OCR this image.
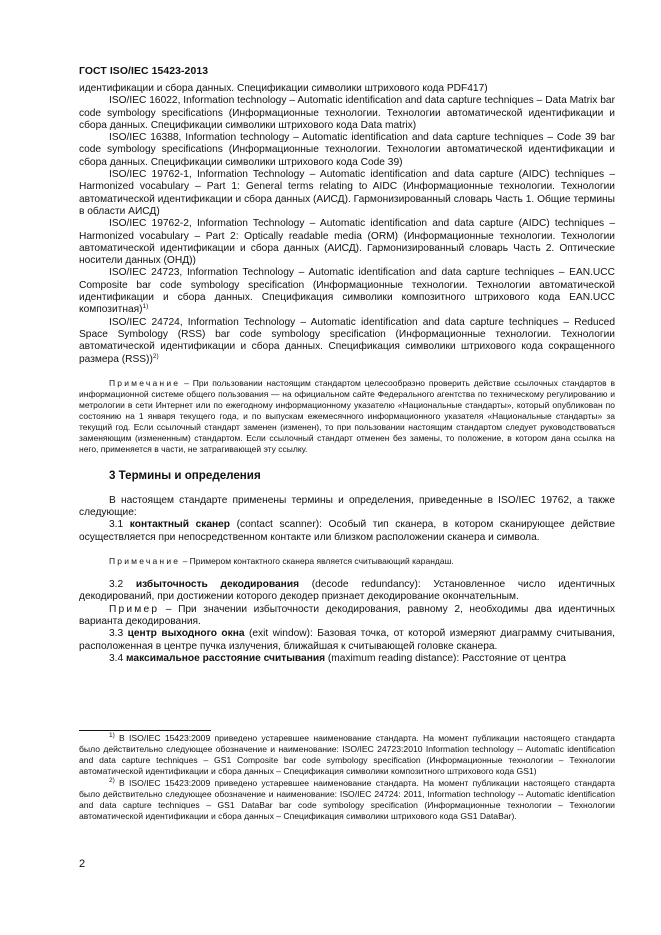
ГОСТ ISO/IEC 15423-2013

идентификации и сбора данных. Спецификации символики штрихового кода PDF417)

ISO/IEC 16022, Information technology – Automatic identification and data capture techniques – Data Matrix bar code symbology specifications (Информационные технологии. Технологии автоматической идентификации и сбора данных. Спецификации символики штрихового кода Data matrix)

ISO/IEC 16388, Information technology – Automatic identification and data capture techniques – Code 39 bar code symbology specifications (Информационные технологии. Технологии автоматической идентификации и сбора данных. Спецификации символики штрихового кода Code 39)

ISO/IEC 19762-1, Information Technology – Automatic identification and data capture (AIDC) techniques – Harmonized vocabulary – Part 1: General terms relating to AIDC (Информационные технологии. Технологии автоматической идентификации и сбора данных (АИСД). Гармонизированный словарь Часть 1. Общие термины в области АИСД)

ISO/IEC 19762-2, Information Technology – Automatic identification and data capture (AIDC) techniques – Harmonized vocabulary – Part 2: Optically readable media (ORM) (Информационные технологии. Технологии автоматической идентификации и сбора данных (АИСД). Гармонизированный словарь Часть 2. Оптические носители данных (ОНД))

ISO/IEC 24723, Information Technology – Automatic identification and data capture techniques – EAN.UCC Composite bar code symbology specification (Информационные технологии. Технологии автоматической идентификации и сбора данных. Спецификация символики композитного штрихового кода EAN.UCC композитная)$^{1)}$

ISO/IEC 24724, Information Technology – Automatic identification and data capture techniques – Reduced Space Symbology (RSS) bar code symbology specification (Информационные технологии. Технологии автоматической идентификации и сбора данных. Спецификация символики штрихового кода сокращенного размера (RSS))$^{2)}$

Примечание – При пользовании настоящим стандартом целесообразно проверить действие ссылочных стандартов в информационной системе общего пользования — на официальном сайте Федерального агентства по техническому регулированию и метрологии в сети Интернет или по ежегодному информационному указателю «Национальные стандарты», который опубликован по состоянию на 1 января текущего года, и по выпускам ежемесячного информационного указателя «Национальные стандарты» за текущий год. Если ссылочный стандарт заменен (изменен), то при пользовании настоящим стандартом следует руководствоваться заменяющим (измененным) стандартом. Если ссылочный стандарт отменен без замены, то положение, в котором дана ссылка на него, применяется в части, не затрагивающей эту ссылку.

3 Термины и определения

В настоящем стандарте применены термины и определения, приведенные в ISO/IEC 19762, а также следующие:

3.1 контактный сканер (contact scanner): Особый тип сканера, в котором сканирующее действие осуществляется при непосредственном контакте или близком расположении сканера и символа.

Примечание – Примером контактного сканера является считывающий карандаш.

3.2 избыточность декодирования (decode redundancy): Установленное число идентичных декодирований, при достижении которого декодер признает декодирование окончательным.

Пример – При значении избыточности декодирования, равному 2, необходимы два идентичных варианта декодирования.

3.3 центр выходного окна (exit window): Базовая точка, от которой измеряют диаграмму считывания, расположенная в центре пучка излучения, ближайшая к считывающей головке сканера.

3.4 максимальное расстояние считывания (maximum reading distance): Расстояние от центра

$^{1)}$ В ISO/IEC 15423:2009 приведено устаревшее наименование стандарта. На момент публикации настоящего стандарта было действительно следующее обозначение и наименование: ISO/IEC 24723:2010 Information technology -- Automatic identification and data capture techniques – GS1 Composite bar code symbology specification (Информационные технологии – Технологии автоматической идентификации и сбора данных – Спецификация символики композитного штрихового кода GS1)

$^{2)}$ В ISO/IEC 15423:2009 приведено устаревшее наименование стандарта. На момент публикации настоящего стандарта было действительно следующее обозначение и наименование: ISO/IEC 24724: 2011, Information technology -- Automatic identification and data capture techniques – GS1 DataBar bar code symbology specification (Информационные технологии – Технологии автоматической идентификации и сбора данных – Спецификация символики штрихового кода GS1 DataBar).

2
